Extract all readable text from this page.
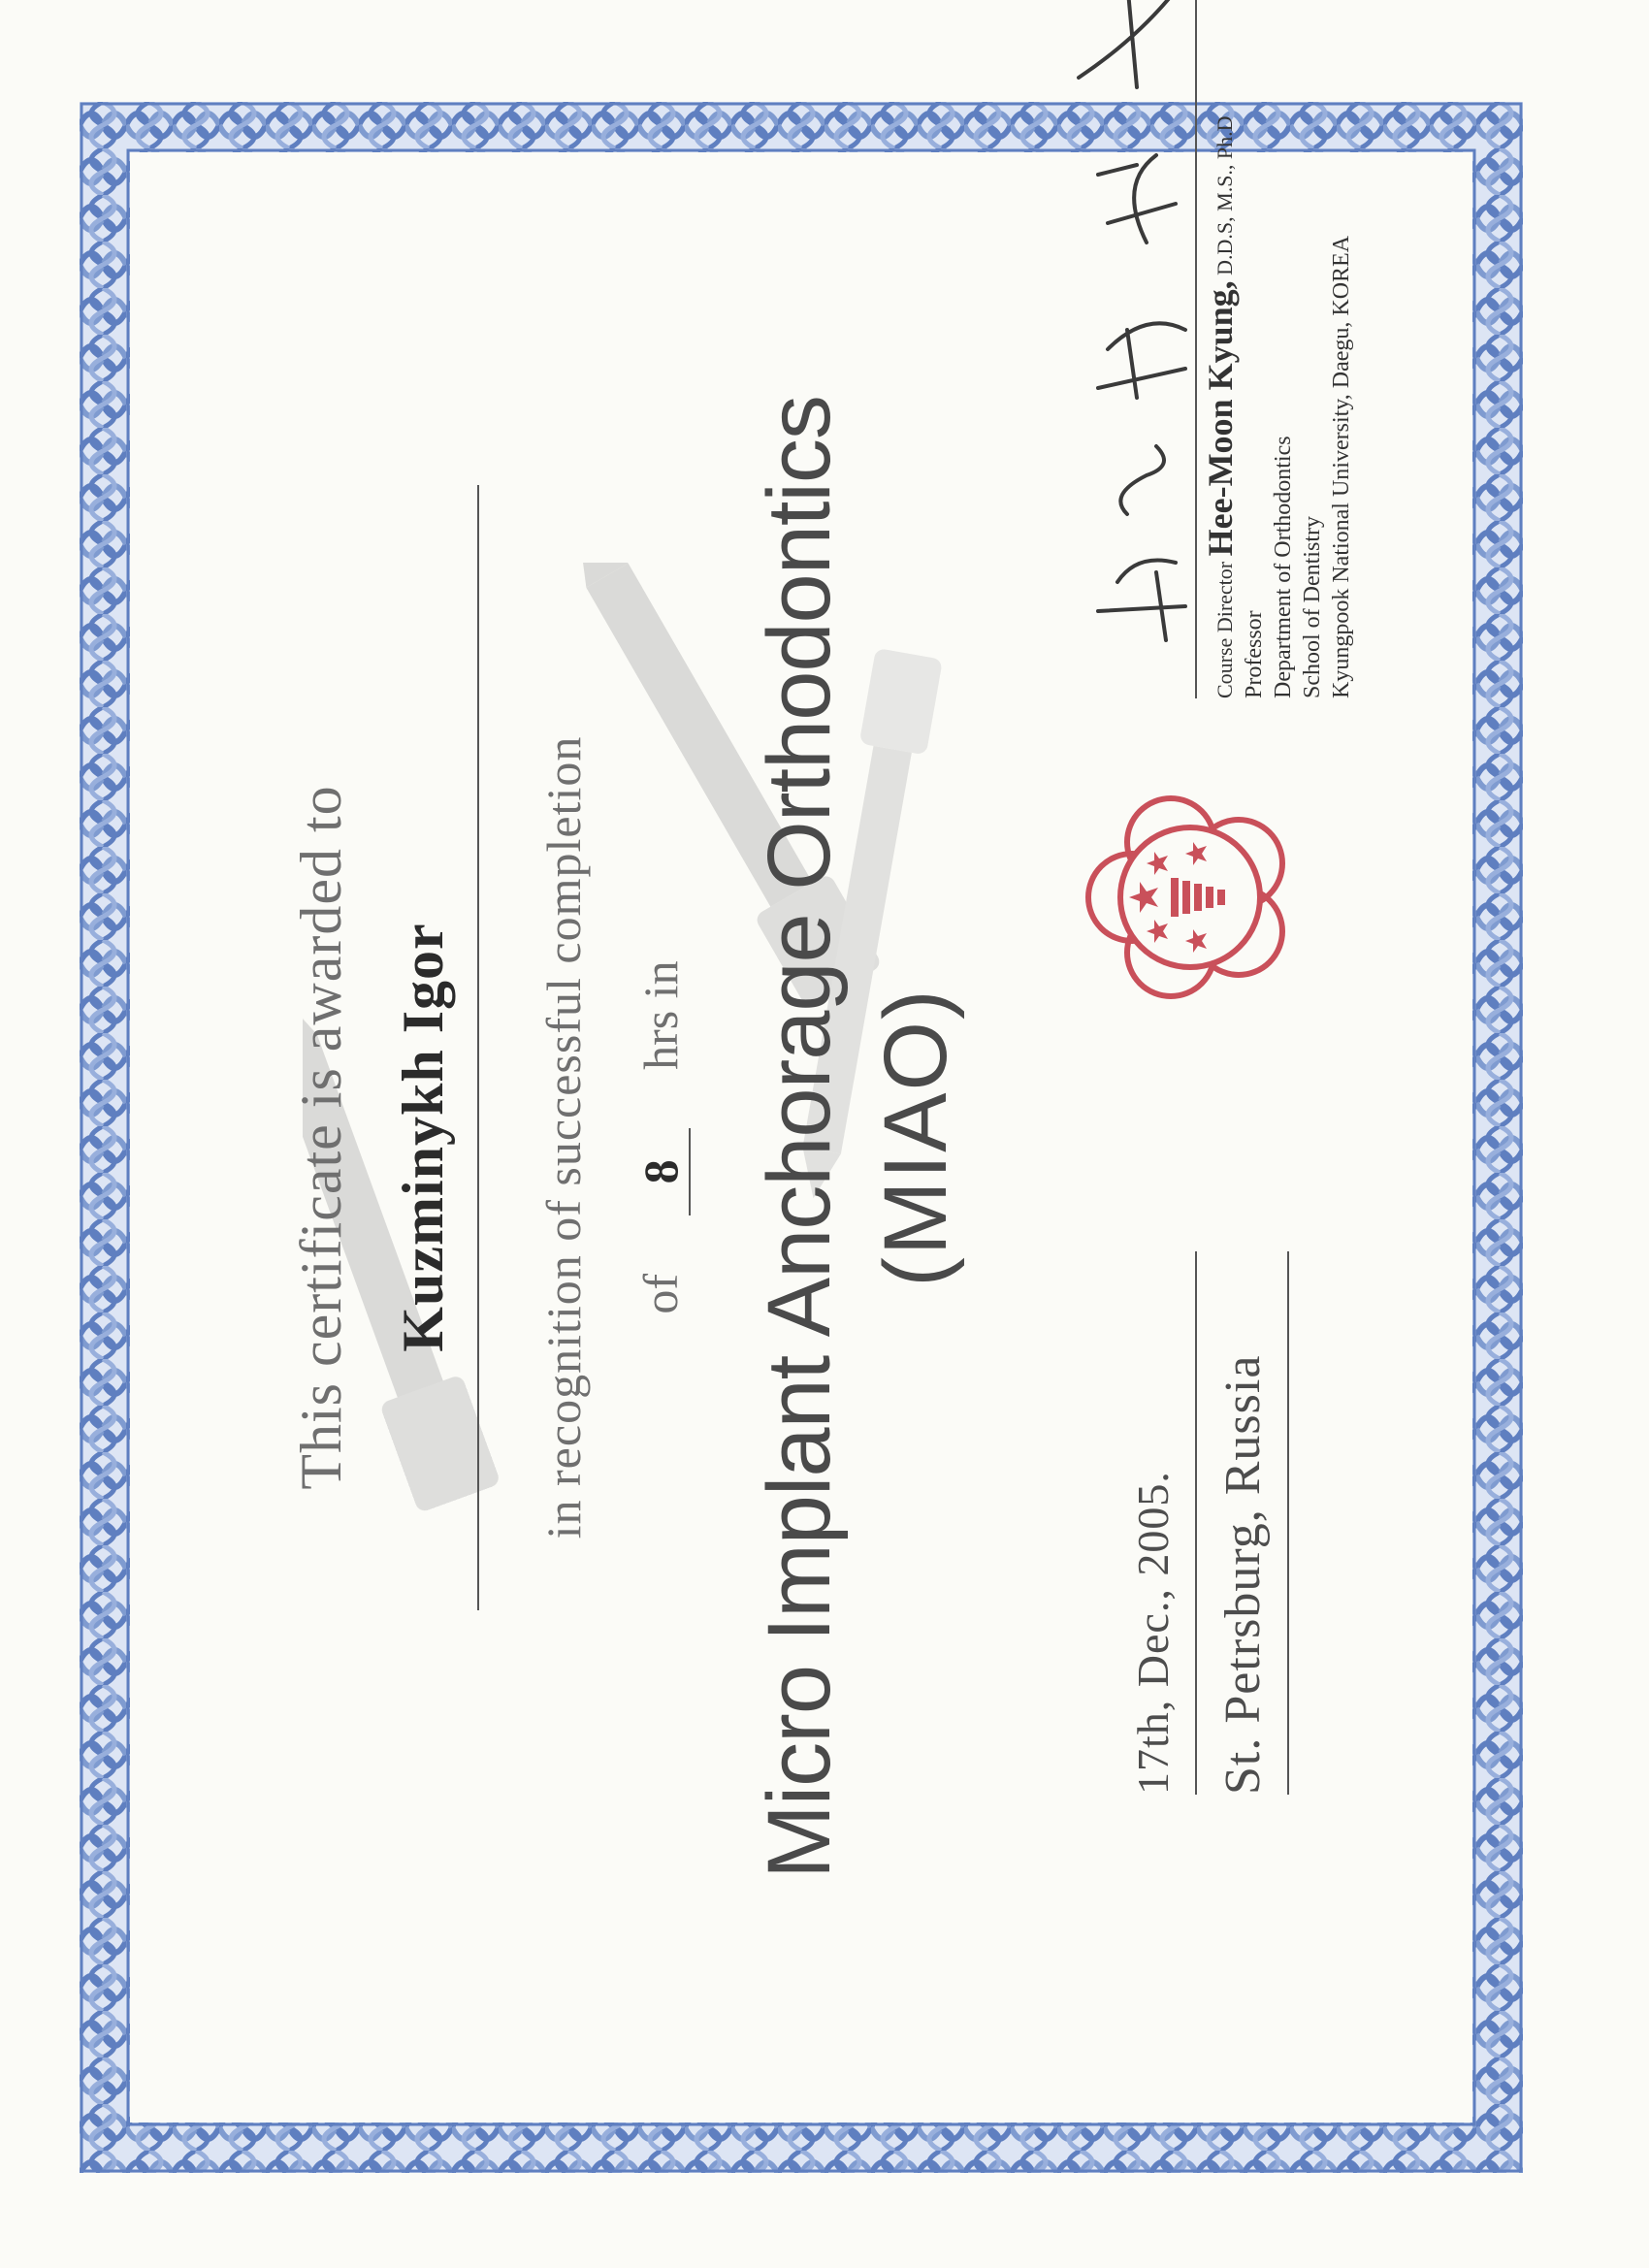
This certificate is awarded to Kuzminykh Igor in recognition of successful completion of8hrs in Micro Implant Anchorage Orthodontics (MIAO)
17th, Dec., 2005. St. Petrsburg, Russia
Course Director Hee-Moon Kyung, D.D.S, M.S., Ph.D
Professor Department of Orthodontics School of Dentistry Kyungpook National University, Daegu, KOREA
